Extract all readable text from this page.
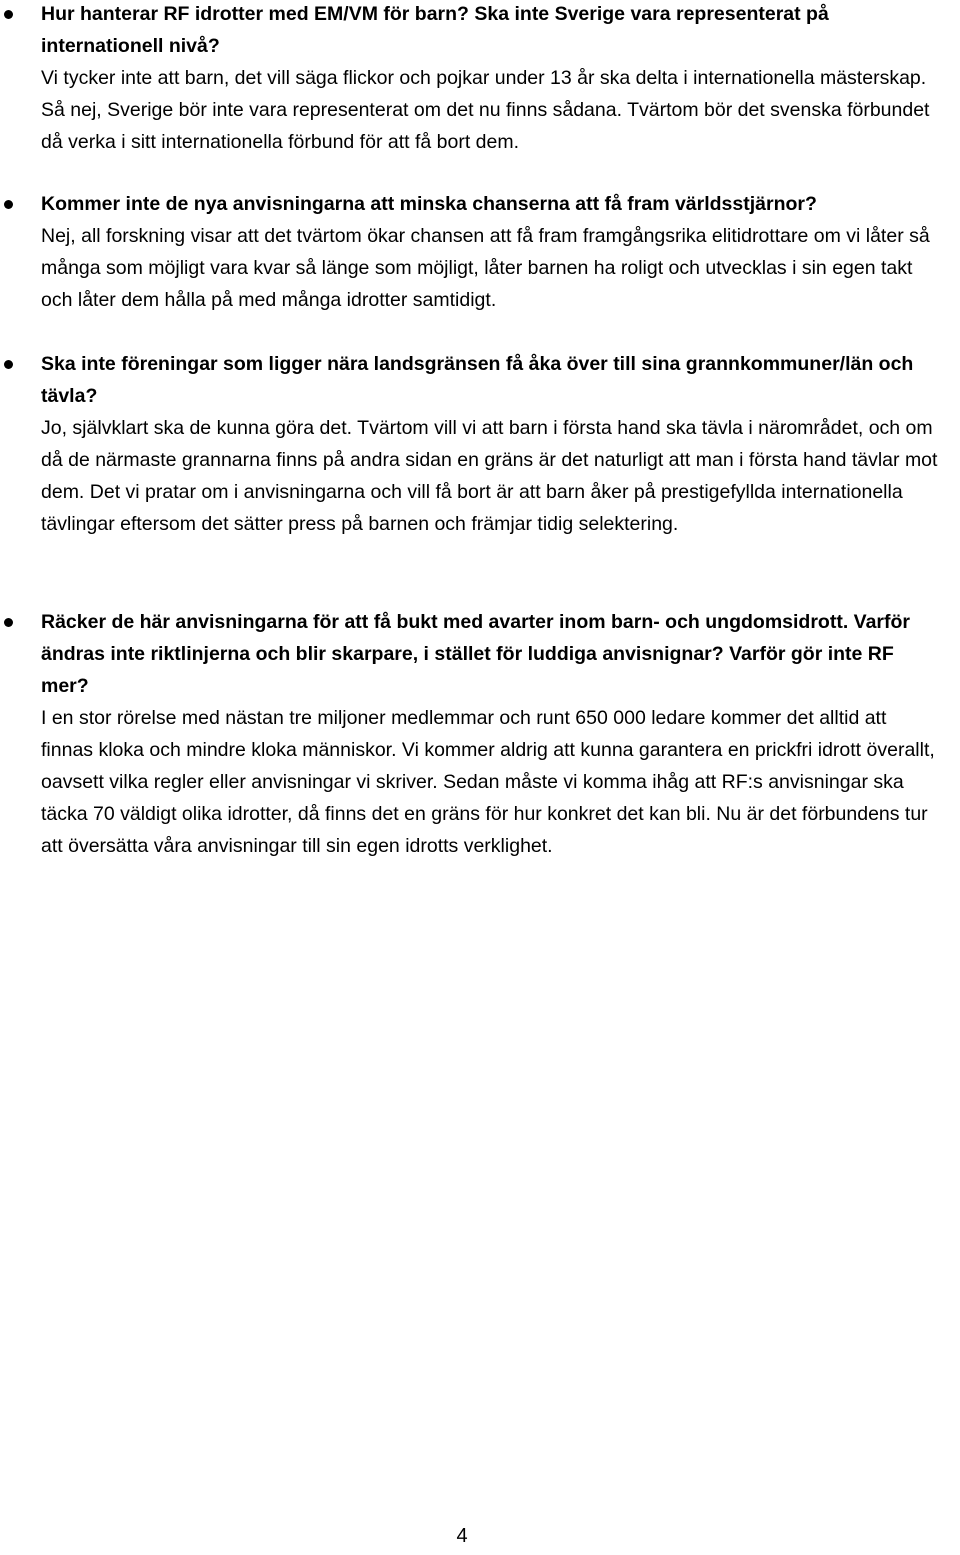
Hur hanterar RF idrotter med EM/VM för barn? Ska inte Sverige vara representerat på internationell nivå?

Vi tycker inte att barn, det vill säga flickor och pojkar under 13 år ska delta i internationella mästerskap. Så nej, Sverige bör inte vara representerat om det nu finns sådana. Tvärtom bör det svenska förbundet då verka i sitt internationella förbund för att få bort dem.

Kommer inte de nya anvisningarna att minska chanserna att få fram världsstjärnor?

Nej, all forskning visar att det tvärtom ökar chansen att få fram framgångsrika elitidrottare om vi låter så många som möjligt vara kvar så länge som möjligt, låter barnen ha roligt och utvecklas i sin egen takt och låter dem hålla på med många idrotter samtidigt.

Ska inte föreningar som ligger nära landsgränsen få åka över till sina grannkommuner/län och tävla?

Jo, självklart ska de kunna göra det. Tvärtom vill vi att barn i första hand ska tävla i närområdet, och om då de närmaste grannarna finns på andra sidan en gräns är det naturligt att man i första hand tävlar mot dem. Det vi pratar om i anvisningarna och vill få bort är att barn åker på prestigefyllda internationella tävlingar eftersom det sätter press på barnen och främjar tidig selektering.

Räcker de här anvisningarna för att få bukt med avarter inom barn- och ungdomsidrott. Varför ändras inte riktlinjerna och blir skarpare, i stället för luddiga anvisnignar? Varför gör inte RF mer?

I en stor rörelse med nästan tre miljoner medlemmar och runt 650 000 ledare kommer det alltid att finnas kloka och mindre kloka människor. Vi kommer aldrig att kunna garantera en prickfri idrott överallt, oavsett vilka regler eller anvisningar vi skriver. Sedan måste vi komma ihåg att RF:s anvisningar ska täcka 70 väldigt olika idrotter, då finns det en gräns för hur konkret det kan bli. Nu är det förbundens tur att översätta våra anvisningar till sin egen idrotts verklighet.

4
